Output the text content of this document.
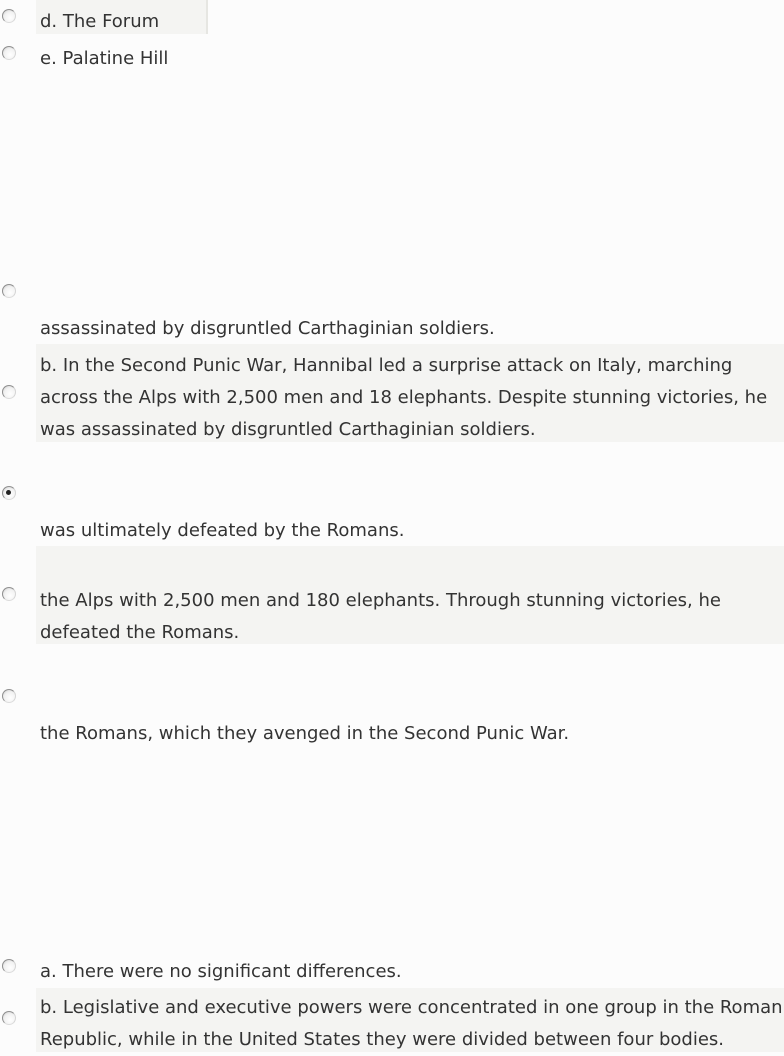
d. The Forum
e. Palatine Hill
assassinated by disgruntled Carthaginian soldiers.
b. In the Second Punic War, Hannibal led a surprise attack on Italy, marching
across the Alps with 2,500 men and 18 elephants. Despite stunning victories, he
was assassinated by disgruntled Carthaginian soldiers.
was ultimately defeated by the Romans.
the Alps with 2,500 men and 180 elephants. Through stunning victories, he
defeated the Romans.
the Romans, which they avenged in the Second Punic War.
a. There were no significant differences.
b. Legislative and executive powers were concentrated in one group in the Roman
Republic, while in the United States they were divided between four bodies.
